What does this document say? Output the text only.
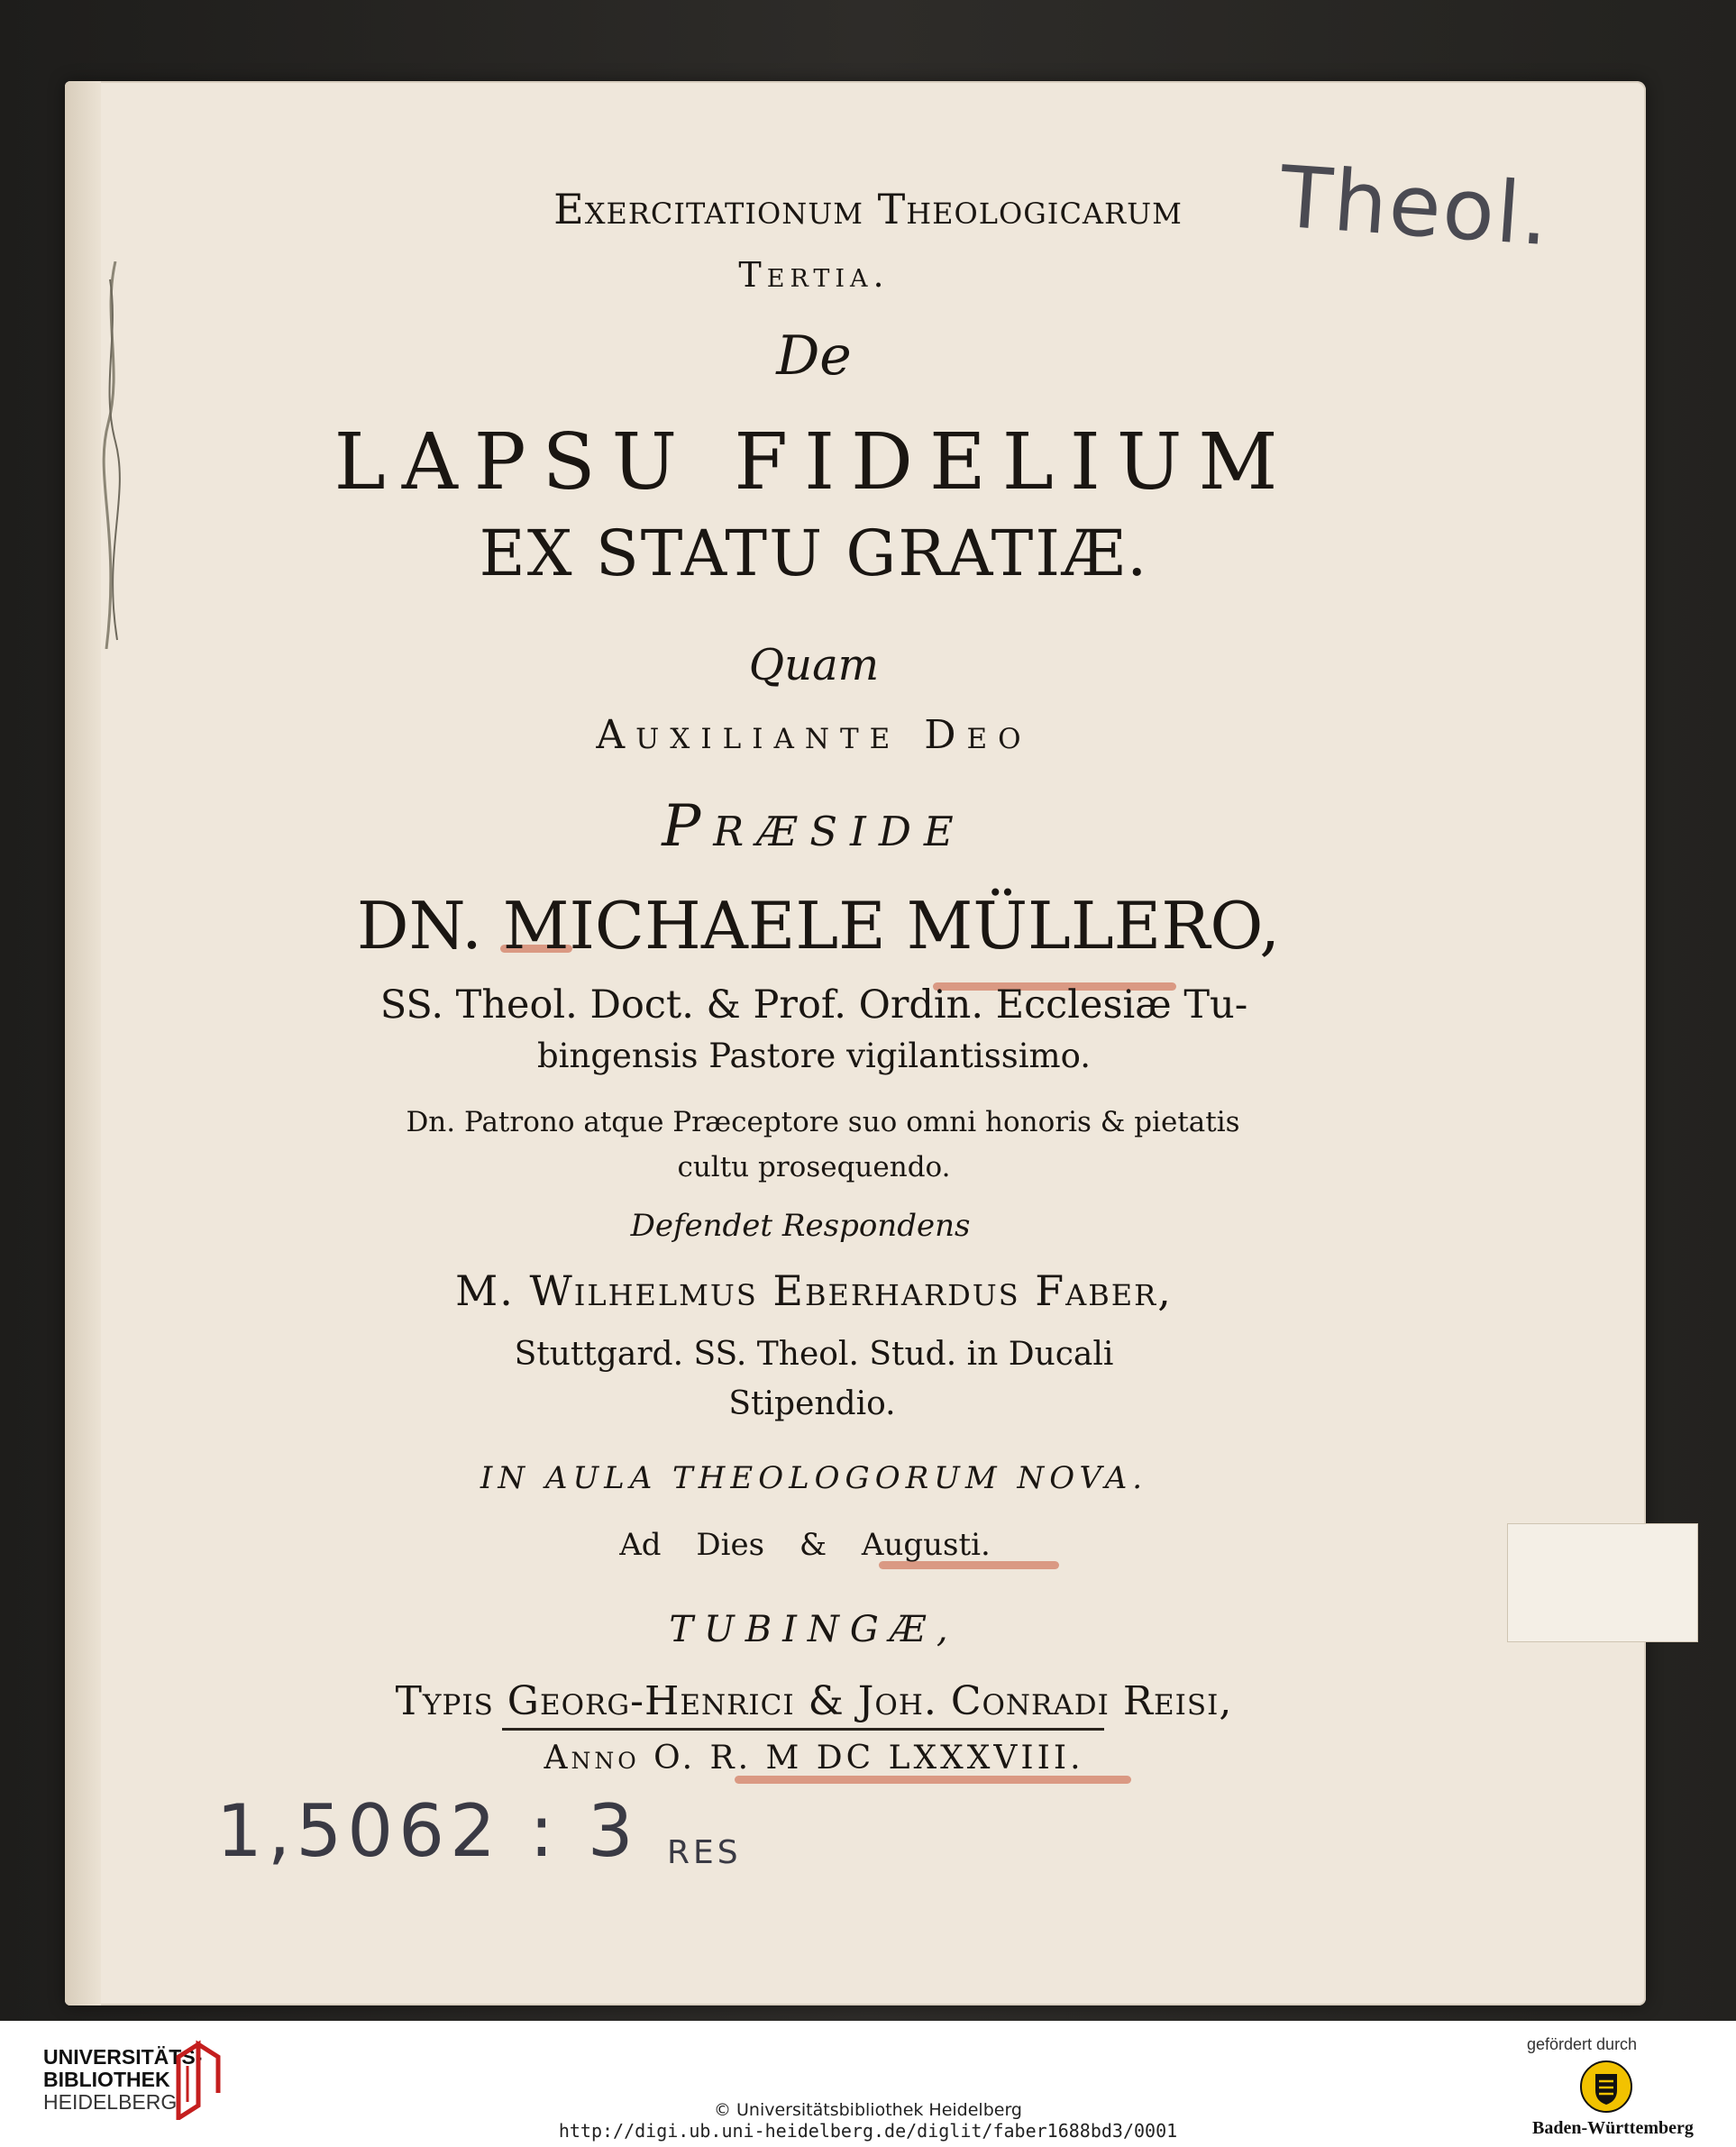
Theol.
1,5062 : 3 RES

Exercitationum Theologicarum

Tertia.

De

LAPSU FIDELIUM

EX STATU GRATIÆ.

Quam

Auxiliante Deo

Præside

DN. MICHAELE MÜLLERO,

SS. Theol. Doct. & Prof. Ordin. Ecclesiæ Tu-

bingensis Pastore vigilantissimo.

Dn. Patrono atque Præceptore suo omni honoris & pietatis

cultu prosequendo.

Defendet Respondens

M. Wilhelmus Eberhardus Faber,

Stuttgard. SS. Theol. Stud. in Ducali

Stipendio.

IN AULA THEOLOGORUM NOVA.

Ad Dies & Augusti.

TUBINGÆ,

Typis Georg-Henrici & Joh. Conradi Reisi,

Anno O. R. M DC LXXXVIII.

UNIVERSITÄTS-
BIBLIOTHEK
HEIDELBERG	© Universitätsbibliothek Heidelberg
http://digi.ub.uni-heidelberg.de/diglit/faber1688bd3/0001
gefördert durch
Baden-Württemberg
